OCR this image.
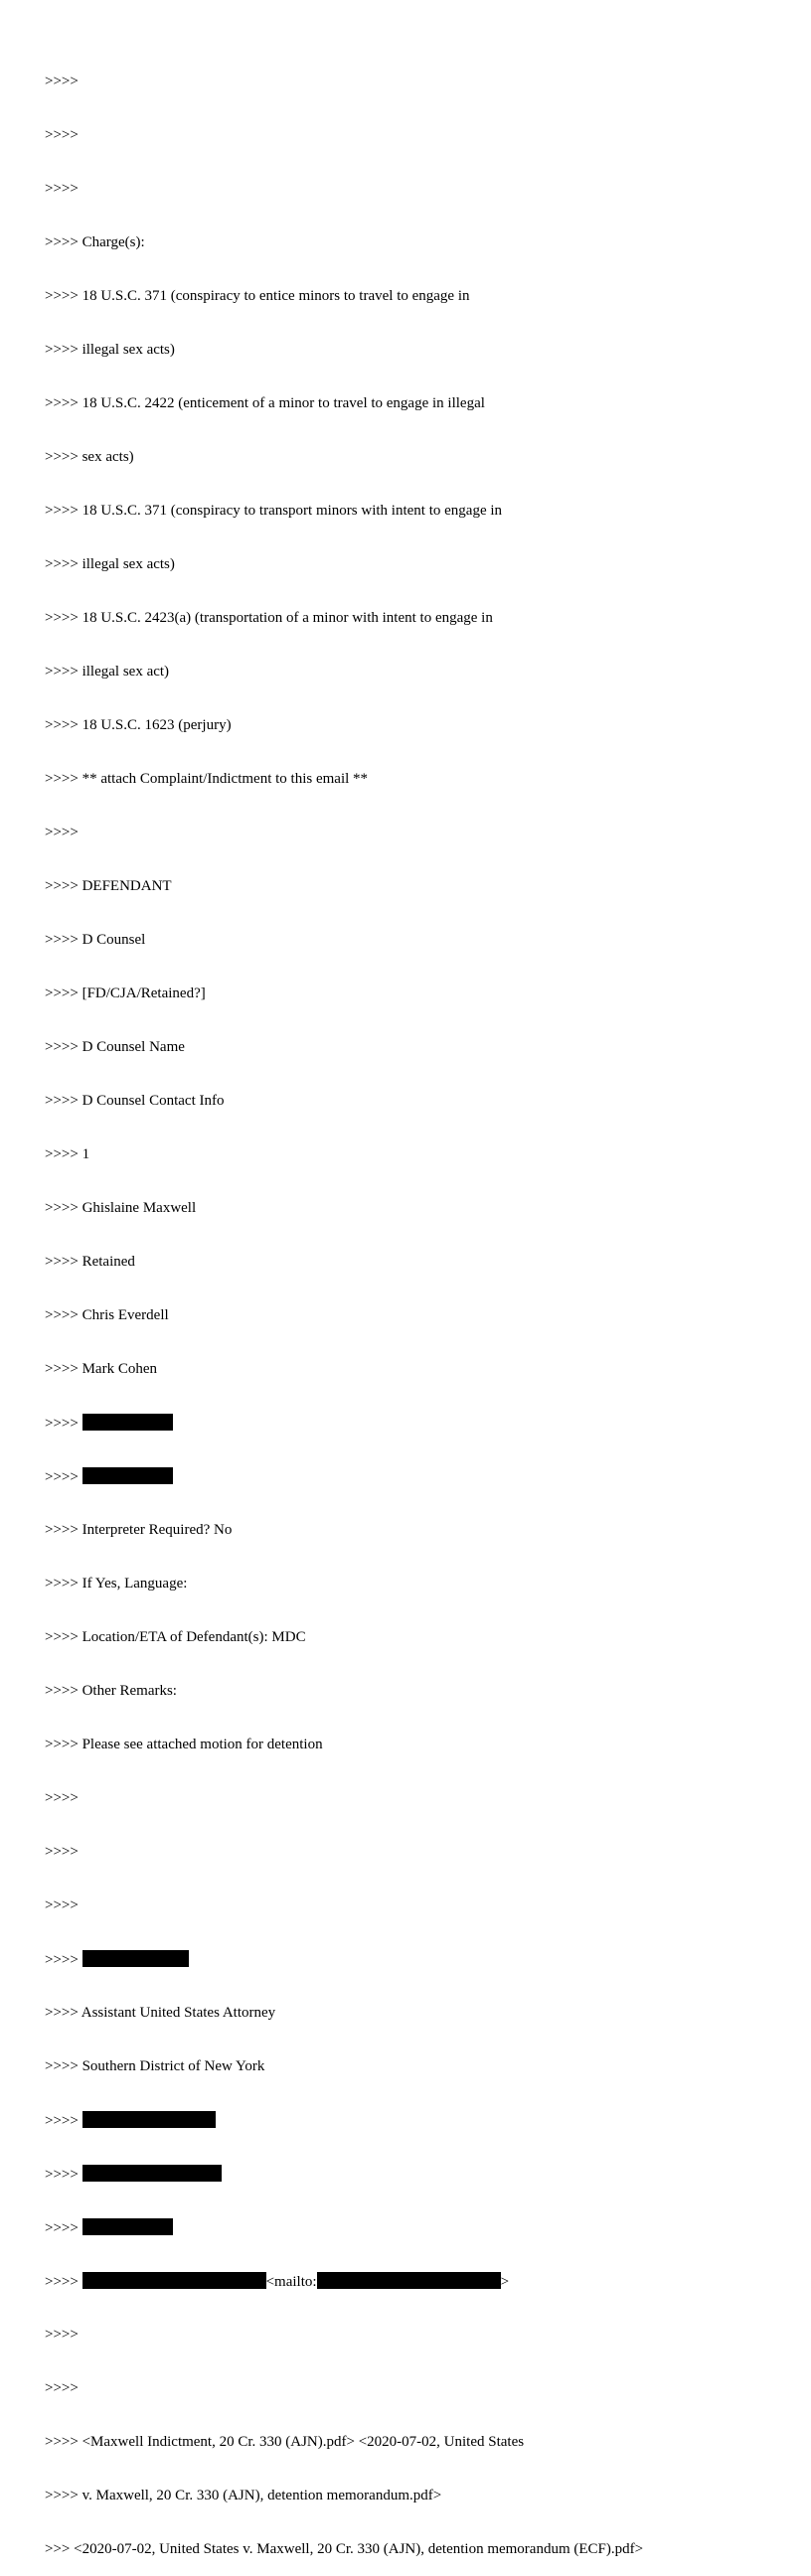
>>>>

>>>>

>>>>

>>>> Charge(s):

>>>> 18 U.S.C. 371 (conspiracy to entice minors to travel to engage in

>>>> illegal sex acts)

>>>> 18 U.S.C. 2422 (enticement of a minor to travel to engage in illegal

>>>> sex acts)

>>>> 18 U.S.C. 371 (conspiracy to transport minors with intent to engage in

>>>> illegal sex acts)

>>>> 18 U.S.C. 2423(a) (transportation of a minor with intent to engage in

>>>> illegal sex act)

>>>> 18 U.S.C. 1623 (perjury)

>>>> ** attach Complaint/Indictment to this email **

>>>>

>>>> DEFENDANT

>>>> D Counsel

>>>> [FD/CJA/Retained?]

>>>> D Counsel Name

>>>> D Counsel Contact Info

>>>> 1

>>>> Ghislaine Maxwell

>>>> Retained

>>>> Chris Everdell

>>>> Mark Cohen

>>>>

>>>>

>>>> Interpreter Required? No

>>>> If Yes, Language:

>>>> Location/ETA of Defendant(s): MDC

>>>> Other Remarks:

>>>> Please see attached motion for detention

>>>>

>>>>

>>>>

>>>>

>>>> Assistant United States Attorney

>>>> Southern District of New York

>>>>

>>>>

>>>>

>>>>	<mailto:	>

>>>>

>>>>

>>>> <Maxwell Indictment, 20 Cr. 330 (AJN).pdf> <2020-07-02, United States

>>>> v. Maxwell, 20 Cr. 330 (AJN), detention memorandum.pdf>

>>> <2020-07-02, United States v. Maxwell, 20 Cr. 330 (AJN), detention memorandum (ECF).pdf>
